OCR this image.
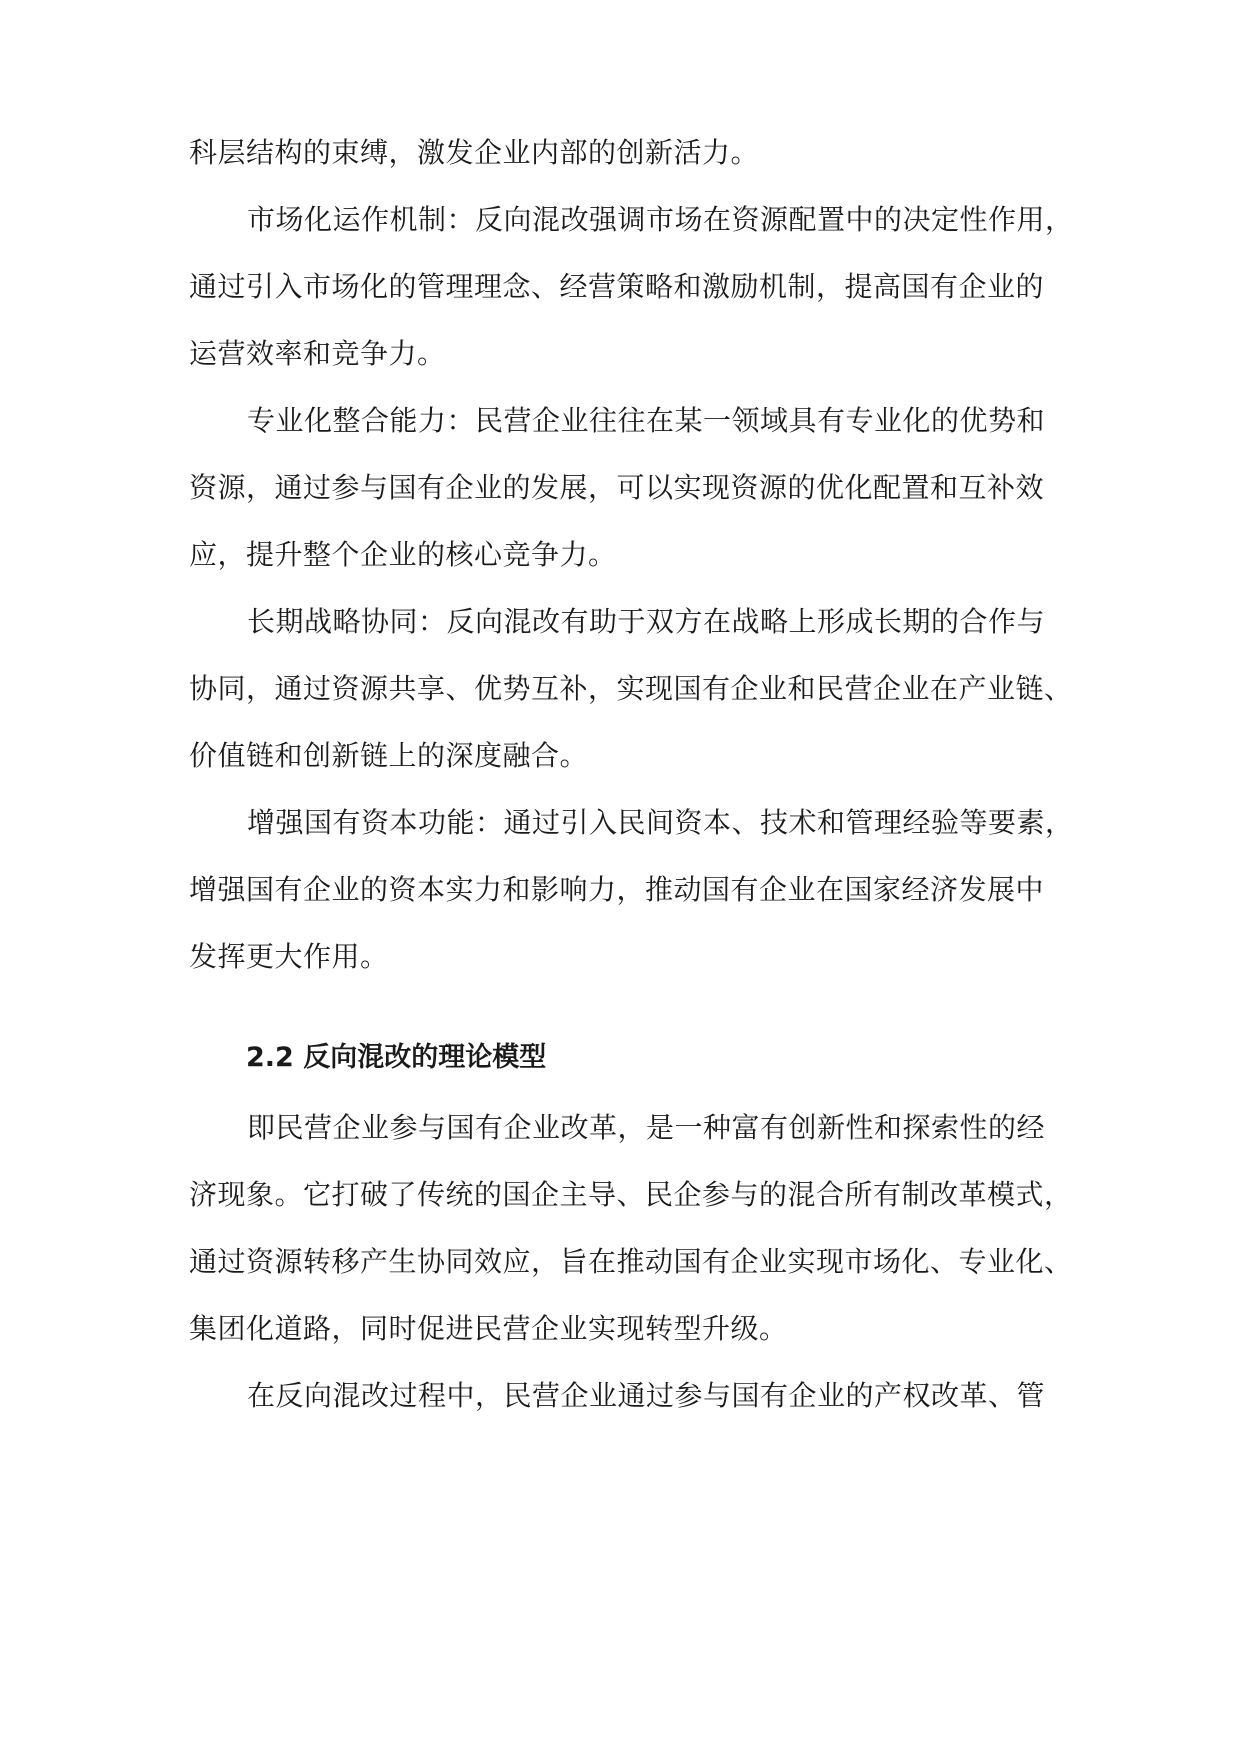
科层结构的束缚，激发企业内部的创新活力。
市场化运作机制：反向混改强调市场在资源配置中的决定性作用，
通过引入市场化的管理理念、经营策略和激励机制，提高国有企业的
运营效率和竞争力。
专业化整合能力：民营企业往往在某一领域具有专业化的优势和
资源，通过参与国有企业的发展，可以实现资源的优化配置和互补效
应，提升整个企业的核心竞争力。
长期战略协同：反向混改有助于双方在战略上形成长期的合作与
协同，通过资源共享、优势互补，实现国有企业和民营企业在产业链、
价值链和创新链上的深度融合。
增强国有资本功能：通过引入民间资本、技术和管理经验等要素，
增强国有企业的资本实力和影响力，推动国有企业在国家经济发展中
发挥更大作用。
2.2 反向混改的理论模型
即民营企业参与国有企业改革，是一种富有创新性和探索性的经
济现象。它打破了传统的国企主导、民企参与的混合所有制改革模式，
通过资源转移产生协同效应，旨在推动国有企业实现市场化、专业化、
集团化道路，同时促进民营企业实现转型升级。
在反向混改过程中，民营企业通过参与国有企业的产权改革、管
